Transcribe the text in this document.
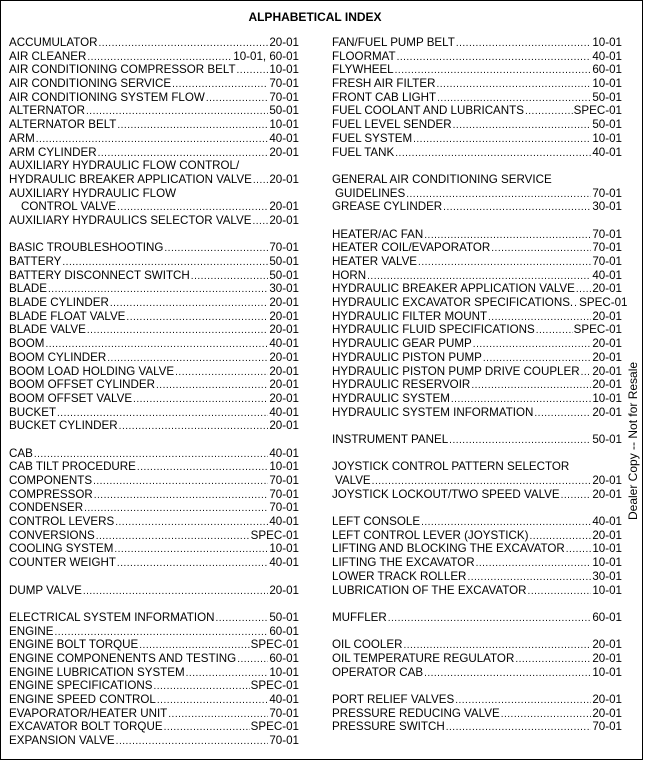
ALPHABETICAL INDEX
ACCUMULATOR .....	20-01
AIR CLEANER .....	10-01, 60-01
AIR CONDITIONING COMPRESSOR BELT .....	10-01
AIR CONDITIONING SERVICE .....	70-01
AIR CONDITIONING SYSTEM FLOW .....	70-01
ALTERNATOR .....	50-01
ALTERNATOR BELT .....	10-01
ARM .....	40-01
ARM CYLINDER .....	20-01
AUXILIARY HYDRAULIC FLOW CONTROL/
HYDRAULIC BREAKER APPLICATION VALVE ..... 20-01
AUXILIARY HYDRAULIC FLOW
CONTROL VALVE .....	20-01
AUXILIARY HYDRAULICS SELECTOR VALVE ..... 20-01
BASIC TROUBLESHOOTING .....	70-01
BATTERY .....	50-01
BATTERY DISCONNECT SWITCH .....	50-01
BLADE .....	30-01
BLADE CYLINDER .....	20-01
BLADE FLOAT VALVE .....	20-01
BLADE VALVE .....	20-01
BOOM .....	40-01
BOOM CYLINDER .....	20-01
BOOM LOAD HOLDING VALVE .....	20-01
BOOM OFFSET CYLINDER .....	20-01
BOOM OFFSET VALVE .....	20-01
BUCKET .....	40-01
BUCKET CYLINDER .....	20-01
CAB .....	40-01
CAB TILT PROCEDURE .....	10-01
COMPONENTS .....	70-01
COMPRESSOR .....	70-01
CONDENSER .....	70-01
CONTROL LEVERS .....	40-01
CONVERSIONS .....	SPEC-01
COOLING SYSTEM .....	10-01
COUNTER WEIGHT .....	40-01
DUMP VALVE .....	20-01
ELECTRICAL SYSTEM INFORMATION .....	50-01
ENGINE .....	60-01
ENGINE BOLT TORQUE .....	SPEC-01
ENGINE COMPONENENTS AND TESTING .....	60-01
ENGINE LUBRICATION SYSTEM .....	10-01
ENGINE SPECIFICATIONS .....	SPEC-01
ENGINE SPEED CONTROL .....	40-01
EVAPORATOR/HEATER UNIT .....	70-01
EXCAVATOR BOLT TORQUE .....	SPEC-01
EXPANSION VALVE .....	70-01
FAN/FUEL PUMP BELT .....	10-01
FLOORMAT .....	40-01
FLYWHEEL .....	60-01
FRESH AIR FILTER .....	10-01
FRONT CAB LIGHT .....	50-01
FUEL COOLANT AND LUBRICANTS .....	SPEC-01
FUEL LEVEL SENDER .....	50-01
FUEL SYSTEM .....	10-01
FUEL TANK .....	40-01
GENERAL AIR CONDITIONING SERVICE
GUIDELINES .....	70-01
GREASE CYLINDER .....	30-01
HEATER/AC FAN .....	70-01
HEATER COIL/EVAPORATOR .....	70-01
HEATER VALVE .....	70-01
HORN .....	40-01
HYDRAULIC BREAKER APPLICATION VALVE ..... 20-01
HYDRAULIC EXCAVATOR SPECIFICATIONS. ..... SPEC-01
HYDRAULIC FILTER MOUNT .....	20-01
HYDRAULIC FLUID SPECIFICATIONS .....	SPEC-01
HYDRAULIC GEAR PUMP .....	20-01
HYDRAULIC PISTON PUMP .....	20-01
HYDRAULIC PISTON PUMP DRIVE COUPLER ..... 20-01
HYDRAULIC RESERVOIR .....	20-01
HYDRAULIC SYSTEM .....	10-01
HYDRAULIC SYSTEM INFORMATION .....	20-01
INSTRUMENT PANEL .....	50-01
JOYSTICK CONTROL PATTERN SELECTOR
VALVE .....	20-01
JOYSTICK LOCKOUT/TWO SPEED VALVE .....	20-01
LEFT CONSOLE .....	40-01
LEFT CONTROL LEVER (JOYSTICK) .....	20-01
LIFTING AND BLOCKING THE EXCAVATOR ..... 10-01
LIFTING THE EXCAVATOR .....	10-01
LOWER TRACK ROLLER .....	30-01
LUBRICATION OF THE EXCAVATOR .....	10-01
MUFFLER .....	60-01
OIL COOLER .....	20-01
OIL TEMPERATURE REGULATOR .....	20-01
OPERATOR CAB .....	10-01
PORT RELIEF VALVES .....	20-01
PRESSURE REDUCING VALVE .....	20-01
PRESSURE SWITCH .....	70-01
Dealer Copy -- Not for Resale
